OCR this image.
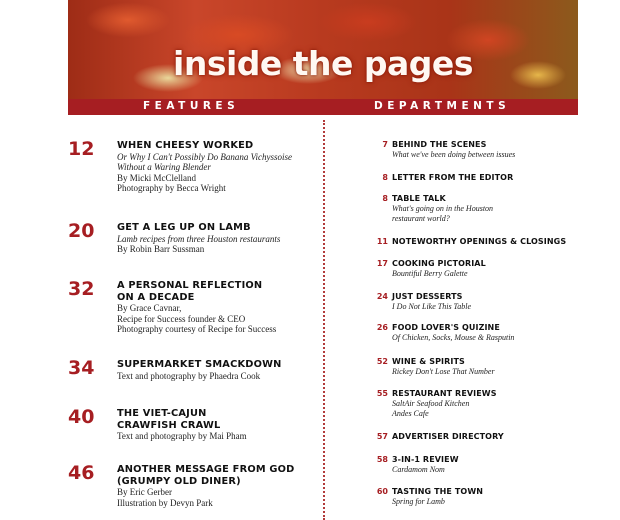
inside the pages
FEATURES	DEPARTMENTS
12	WHEN CHEESY WORKED
Or Why I Can't Possibly Do Banana Vichyssoise
Without a Waring Blender
By Micki McClelland
Photography by Becca Wright
20	GET A LEG UP ON LAMB
Lamb recipes from three Houston restaurants
By Robin Barr Sussman
32	A PERSONAL REFLECTION
ON A DECADE
By Grace Cavnar,
Recipe for Success founder & CEO
Photography courtesy of Recipe for Success
34	SUPERMARKET SMACKDOWN
Text and photography by Phaedra Cook
40	THE VIET-CAJUN
CRAWFISH CRAWL
Text and photography by Mai Pham
46	ANOTHER MESSAGE FROM GOD
(GRUMPY OLD DINER)
By Eric Gerber
Illustration by Devyn Park
7 BEHIND THE SCENES
What we've been doing between issues
8 LETTER FROM THE EDITOR
8 TABLE TALK
What's going on in the Houston
restaurant world?
11 NOTEWORTHY OPENINGS & CLOSINGS
17 COOKING PICTORIAL
Bountiful Berry Galette
24 JUST DESSERTS
I Do Not Like This Table
26 FOOD LOVER'S QUIZINE
Of Chicken, Socks, Mouse & Rasputin
52 WINE & SPIRITS
Rickey Don't Lose That Number
55 RESTAURANT REVIEWS
SaltAir Seafood Kitchen
Andes Cafe
57 ADVERTISER DIRECTORY
58 3-IN-1 REVIEW
Cardamom Nom
60 TASTING THE TOWN
Spring for Lamb
